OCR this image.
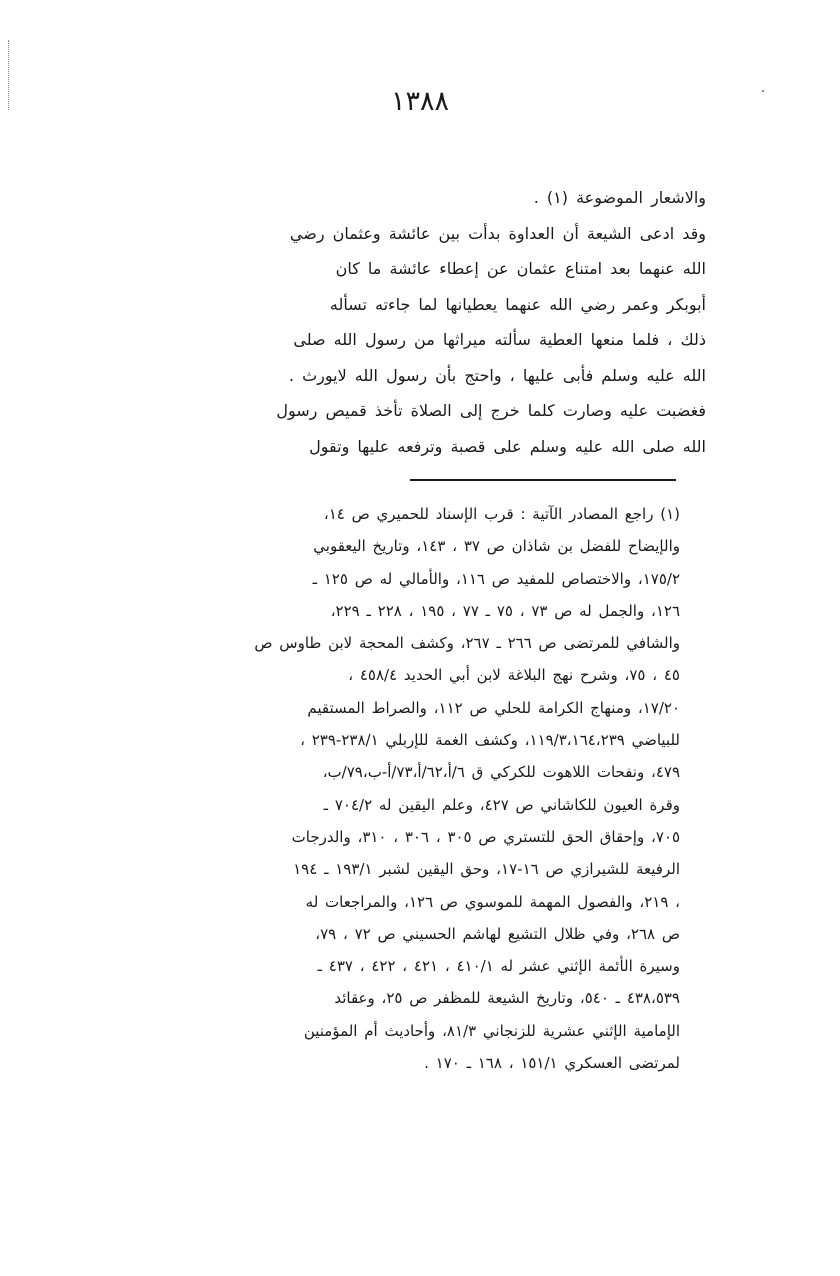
١٣٨٨
والاشعار الموضوعة (١) .
وقد ادعى الشيعة أن العداوة بدأت بين عائشة وعثمان رضي
الله عنهما بعد امتناع عثمان عن إعطاء عائشة ما كان
أبوبكر وعمر رضي الله عنهما يعطيانها لما جاءته تسأله
ذلك ، فلما منعها العطية سألته ميراثها من رسول الله صلى
الله عليه وسلم فأبى عليها ، واحتج بأن رسول الله لايورث .
فغضبت عليه وصارت كلما خرج إلى الصلاة تأخذ قميص رسول
الله صلى الله عليه وسلم على قصبة وترفعه عليها وتقول
(١) راجع المصادر الآتية : قرب الإسناد للحميري ص ١٤،
والإيضاح للفضل بن شاذان ص ٣٧ ، ١٤٣، وتاريخ اليعقوبي
١٧٥/٢، والاختصاص للمفيد ص ١١٦، والأمالي له ص ١٢٥ ـ
١٢٦، والجمل له ص ٧٣ ، ٧٥ ـ ٧٧ ، ١٩٥ ، ٢٢٨ ـ ٢٢٩،
والشافي للمرتضى ص ٢٦٦ ـ ٢٦٧، وكشف المحجة لابن طاوس ص
٤٥ ، ٧٥، وشرح نهج البلاغة لابن أبي الحديد ٤٥٨/٤ ،
١٧/٢٠، ومنهاج الكرامة للحلي ص ١١٢، والصراط المستقيم
للبياضي ١١٩/٣،١٦٤،٢٣٩، وكشف الغمة للإربلي ٢٣٨/١-٢٣٩ ،
٤٧٩، ونفحات اللاهوت للكركي ق ٦/أ،٦٢/أ،٧٣/أ-ب،٧٩/ب،
وقرة العيون للكاشاني ص ٤٢٧، وعلم اليقين له ٧٠٤/٢ ـ
٧٠٥، وإحقاق الحق للتستري ص ٣٠٥ ، ٣٠٦ ، ٣١٠، والدرجات
الرفيعة للشيرازي ص ١٦-١٧، وحق اليقين لشبر ١٩٣/١ ـ ١٩٤
، ٢١٩، والفصول المهمة للموسوي ص ١٢٦، والمراجعات له
ص ٢٦٨، وفي ظلال التشيع لهاشم الحسيني ص ٧٢ ، ٧٩،
وسيرة الأئمة الإثني عشر له ٤١٠/١ ، ٤٢١ ، ٤٢٢ ، ٤٣٧ ـ
٤٣٨،٥٣٩ ـ ٥٤٠، وتاريخ الشيعة للمظفر ص ٢٥، وعقائد
الإمامية الإثني عشرية للزنجاني ٨١/٣، وأحاديث أم المؤمنين
لمرتضى العسكري ١٥١/١ ، ١٦٨ ـ ١٧٠ .
